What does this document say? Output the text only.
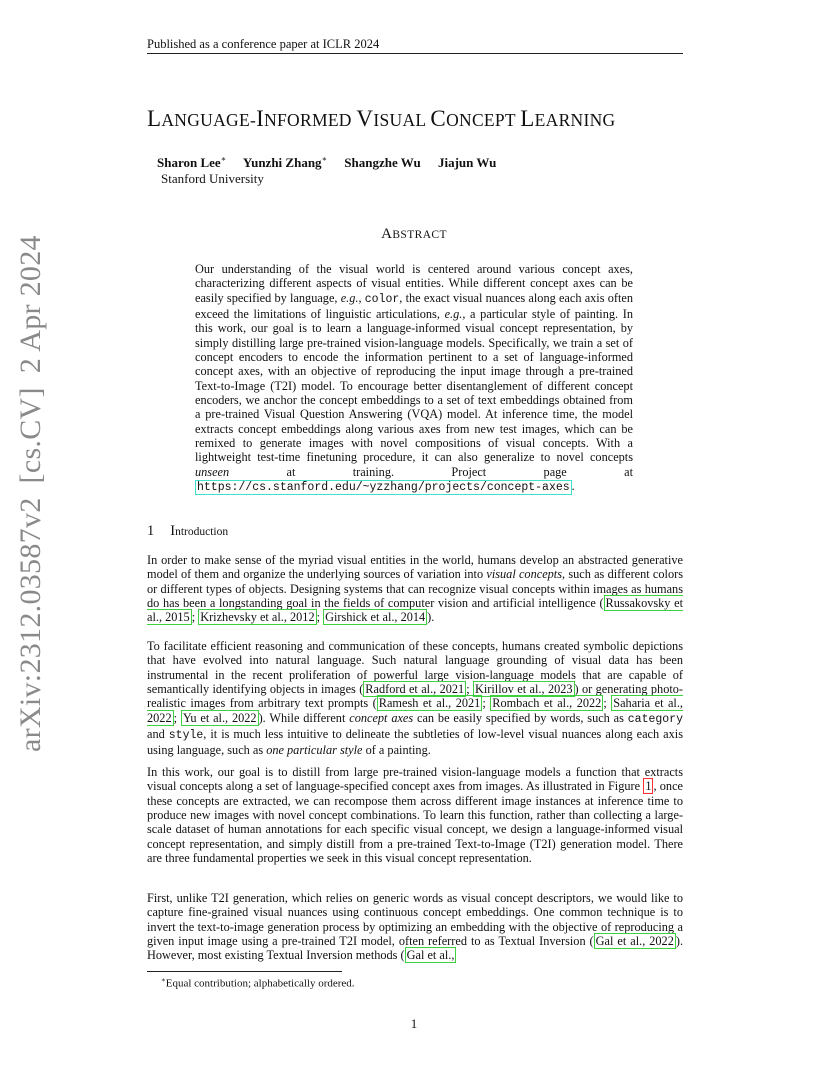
Published as a conference paper at ICLR 2024
LANGUAGE-INFORMED VISUAL CONCEPT LEARNING
Sharon Lee∗ Yunzhi Zhang∗ Shangzhe Wu Jiajun Wu
Stanford University
ABSTRACT
Our understanding of the visual world is centered around various concept axes, characterizing different aspects of visual entities. While different concept axes can be easily specified by language, e.g., color, the exact visual nuances along each axis often exceed the limitations of linguistic articulations, e.g., a particular style of painting. In this work, our goal is to learn a language-informed visual concept representation, by simply distilling large pre-trained vision-language models. Specifically, we train a set of concept encoders to encode the information pertinent to a set of language-informed concept axes, with an objective of reproducing the input image through a pre-trained Text-to-Image (T2I) model. To encourage better disentanglement of different concept encoders, we anchor the concept embeddings to a set of text embeddings obtained from a pre-trained Visual Question Answering (VQA) model. At inference time, the model extracts concept embeddings along various axes from new test images, which can be remixed to generate images with novel compositions of visual concepts. With a lightweight test-time finetuning procedure, it can also generalize to novel concepts unseen at training. Project page at https://cs.stanford.edu/~yzzhang/projects/concept-axes .
1 Introduction
In order to make sense of the myriad visual entities in the world, humans develop an abstracted generative model of them and organize the underlying sources of variation into visual concepts, such as different colors or different types of objects. Designing systems that can recognize visual concepts within images as humans do has been a longstanding goal in the fields of computer vision and artificial intelligence ( Russakovsky et al., 2015 ; Krizhevsky et al., 2012 ; Girshick et al., 2014 ).
To facilitate efficient reasoning and communication of these concepts, humans created symbolic depictions that have evolved into natural language. Such natural language grounding of visual data has been instrumental in the recent proliferation of powerful large vision-language models that are capable of semantically identifying objects in images ( Radford et al., 2021 ; Kirillov et al., 2023 ) or generating photo-realistic images from arbitrary text prompts ( Ramesh et al., 2021 ; Rombach et al., 2022 ; Saharia et al., 2022 ; Yu et al., 2022 ). While different concept axes can be easily specified by words, such as category and style, it is much less intuitive to delineate the subtleties of low-level visual nuances along each axis using language, such as one particular style of a painting.
In this work, our goal is to distill from large pre-trained vision-language models a function that extracts visual concepts along a set of language-specified concept axes from images. As illustrated in Figure 1 , once these concepts are extracted, we can recompose them across different image instances at inference time to produce new images with novel concept combinations. To learn this function, rather than collecting a large-scale dataset of human annotations for each specific visual concept, we design a language-informed visual concept representation, and simply distill from a pre-trained Text-to-Image (T2I) generation model. There are three fundamental properties we seek in this visual concept representation.
First, unlike T2I generation, which relies on generic words as visual concept descriptors, we would like to capture fine-grained visual nuances using continuous concept embeddings. One common technique is to invert the text-to-image generation process by optimizing an embedding with the objective of reproducing a given input image using a pre-trained T2I model, often referred to as Textual Inversion ( Gal et al., 2022 ). However, most existing Textual Inversion methods ( Gal et al.,
∗Equal contribution; alphabetically ordered.
1
arXiv:2312.03587v2[cs.CV]2 Apr 2024
